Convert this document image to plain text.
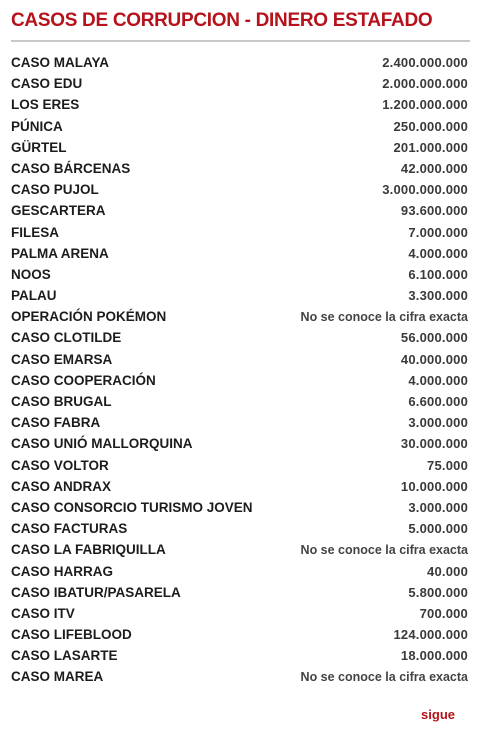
CASOS DE CORRUPCION - DINERO ESTAFADO
CASO MALAYA	2.400.000.000
CASO EDU	2.000.000.000
LOS ERES	1.200.000.000
PÚNICA	250.000.000
GÜRTEL	201.000.000
CASO BÁRCENAS	42.000.000
CASO PUJOL	3.000.000.000
GESCARTERA	93.600.000
FILESA	7.000.000
PALMA ARENA	4.000.000
NOOS	6.100.000
PALAU	3.300.000
OPERACIÓN POKÉMON	No se conoce la cifra exacta
CASO CLOTILDE	56.000.000
CASO EMARSA	40.000.000
CASO COOPERACIÓN	4.000.000
CASO BRUGAL	6.600.000
CASO FABRA	3.000.000
CASO UNIÓ MALLORQUINA	30.000.000
CASO VOLTOR	75.000
CASO ANDRAX	10.000.000
CASO CONSORCIO TURISMO JOVEN	3.000.000
CASO FACTURAS	5.000.000
CASO LA FABRIQUILLA	No se conoce la cifra exacta
CASO HARRAG	40.000
CASO IBATUR/PASARELA	5.800.000
CASO ITV	700.000
CASO LIFEBLOOD	124.000.000
CASO LASARTE	18.000.000
CASO MAREA	No se conoce la cifra exacta
sigue
